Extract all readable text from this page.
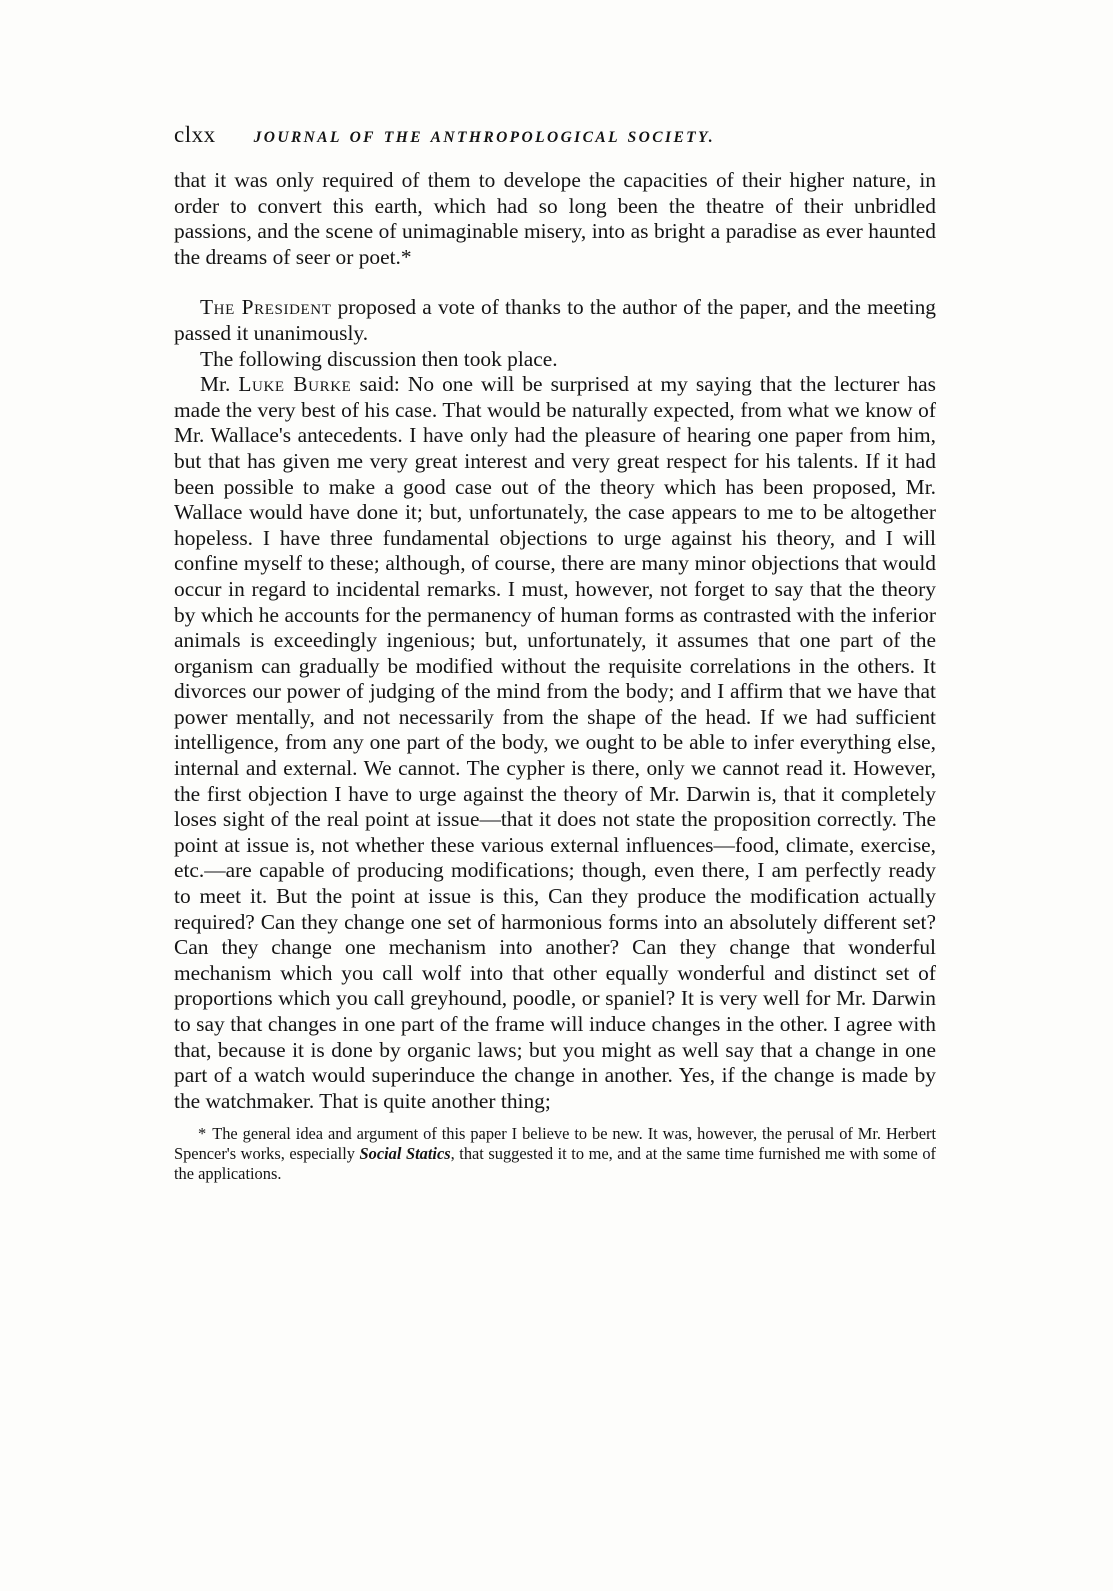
clxx JOURNAL OF THE ANTHROPOLOGICAL SOCIETY.

that it was only required of them to develope the capacities of their higher nature, in order to convert this earth, which had so long been the theatre of their unbridled passions, and the scene of unimaginable misery, into as bright a paradise as ever haunted the dreams of seer or poet.*

The President proposed a vote of thanks to the author of the paper, and the meeting passed it unanimously.

The following discussion then took place.

Mr. Luke Burke said: No one will be surprised at my saying that the lecturer has made the very best of his case. That would be naturally expected, from what we know of Mr. Wallace's antecedents. I have only had the pleasure of hearing one paper from him, but that has given me very great interest and very great respect for his talents. If it had been possible to make a good case out of the theory which has been proposed, Mr. Wallace would have done it; but, unfortunately, the case appears to me to be altogether hopeless. I have three fundamental objections to urge against his theory, and I will confine myself to these; although, of course, there are many minor objections that would occur in regard to incidental remarks. I must, however, not forget to say that the theory by which he accounts for the permanency of human forms as contrasted with the inferior animals is exceedingly ingenious; but, unfortunately, it assumes that one part of the organism can gradually be modified without the requisite correlations in the others. It divorces our power of judging of the mind from the body; and I affirm that we have that power mentally, and not necessarily from the shape of the head. If we had sufficient intelligence, from any one part of the body, we ought to be able to infer everything else, internal and external. We cannot. The cypher is there, only we cannot read it. However, the first objection I have to urge against the theory of Mr. Darwin is, that it completely loses sight of the real point at issue—that it does not state the proposition correctly. The point at issue is, not whether these various external influences—food, climate, exercise, etc.—are capable of producing modifications; though, even there, I am perfectly ready to meet it. But the point at issue is this, Can they produce the modification actually required? Can they change one set of harmonious forms into an absolutely different set? Can they change one mechanism into another? Can they change that wonderful mechanism which you call wolf into that other equally wonderful and distinct set of proportions which you call greyhound, poodle, or spaniel? It is very well for Mr. Darwin to say that changes in one part of the frame will induce changes in the other. I agree with that, because it is done by organic laws; but you might as well say that a change in one part of a watch would superinduce the change in another. Yes, if the change is made by the watchmaker. That is quite another thing;

* The general idea and argument of this paper I believe to be new. It was, however, the perusal of Mr. Herbert Spencer's works, especially Social Statics, that suggested it to me, and at the same time furnished me with some of the applications.
